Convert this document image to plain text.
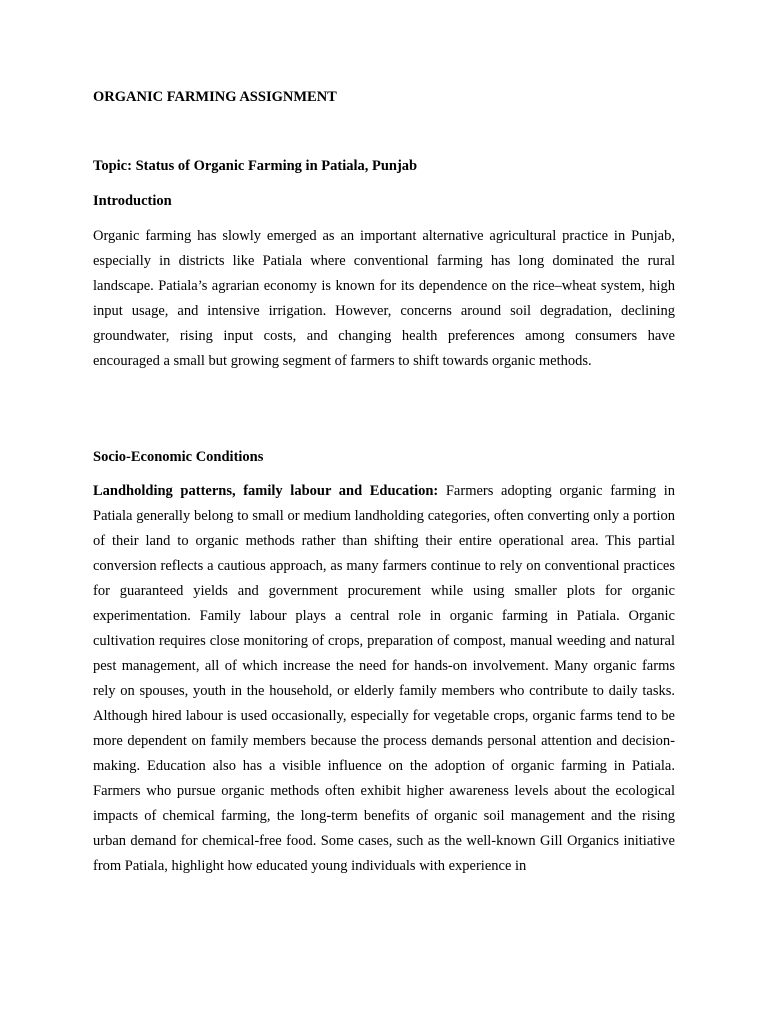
ORGANIC FARMING ASSIGNMENT
Topic: Status of Organic Farming in Patiala, Punjab
Introduction

Organic farming has slowly emerged as an important alternative agricultural practice in Punjab, especially in districts like Patiala where conventional farming has long dominated the rural landscape. Patiala’s agrarian economy is known for its dependence on the rice–wheat system, high input usage, and intensive irrigation. However, concerns around soil degradation, declining groundwater, rising input costs, and changing health preferences among consumers have encouraged a small but growing segment of farmers to shift towards organic methods.

Socio-Economic Conditions

Landholding patterns, family labour and Education: Farmers adopting organic farming in Patiala generally belong to small or medium landholding categories, often converting only a portion of their land to organic methods rather than shifting their entire operational area. This partial conversion reflects a cautious approach, as many farmers continue to rely on conventional practices for guaranteed yields and government procurement while using smaller plots for organic experimentation. Family labour plays a central role in organic farming in Patiala. Organic cultivation requires close monitoring of crops, preparation of compost, manual weeding and natural pest management, all of which increase the need for hands-on involvement. Many organic farms rely on spouses, youth in the household, or elderly family members who contribute to daily tasks. Although hired labour is used occasionally, especially for vegetable crops, organic farms tend to be more dependent on family members because the process demands personal attention and decision-making. Education also has a visible influence on the adoption of organic farming in Patiala. Farmers who pursue organic methods often exhibit higher awareness levels about the ecological impacts of chemical farming, the long-term benefits of organic soil management and the rising urban demand for chemical-free food. Some cases, such as the well-known Gill Organics initiative from Patiala, highlight how educated young individuals with experience in
